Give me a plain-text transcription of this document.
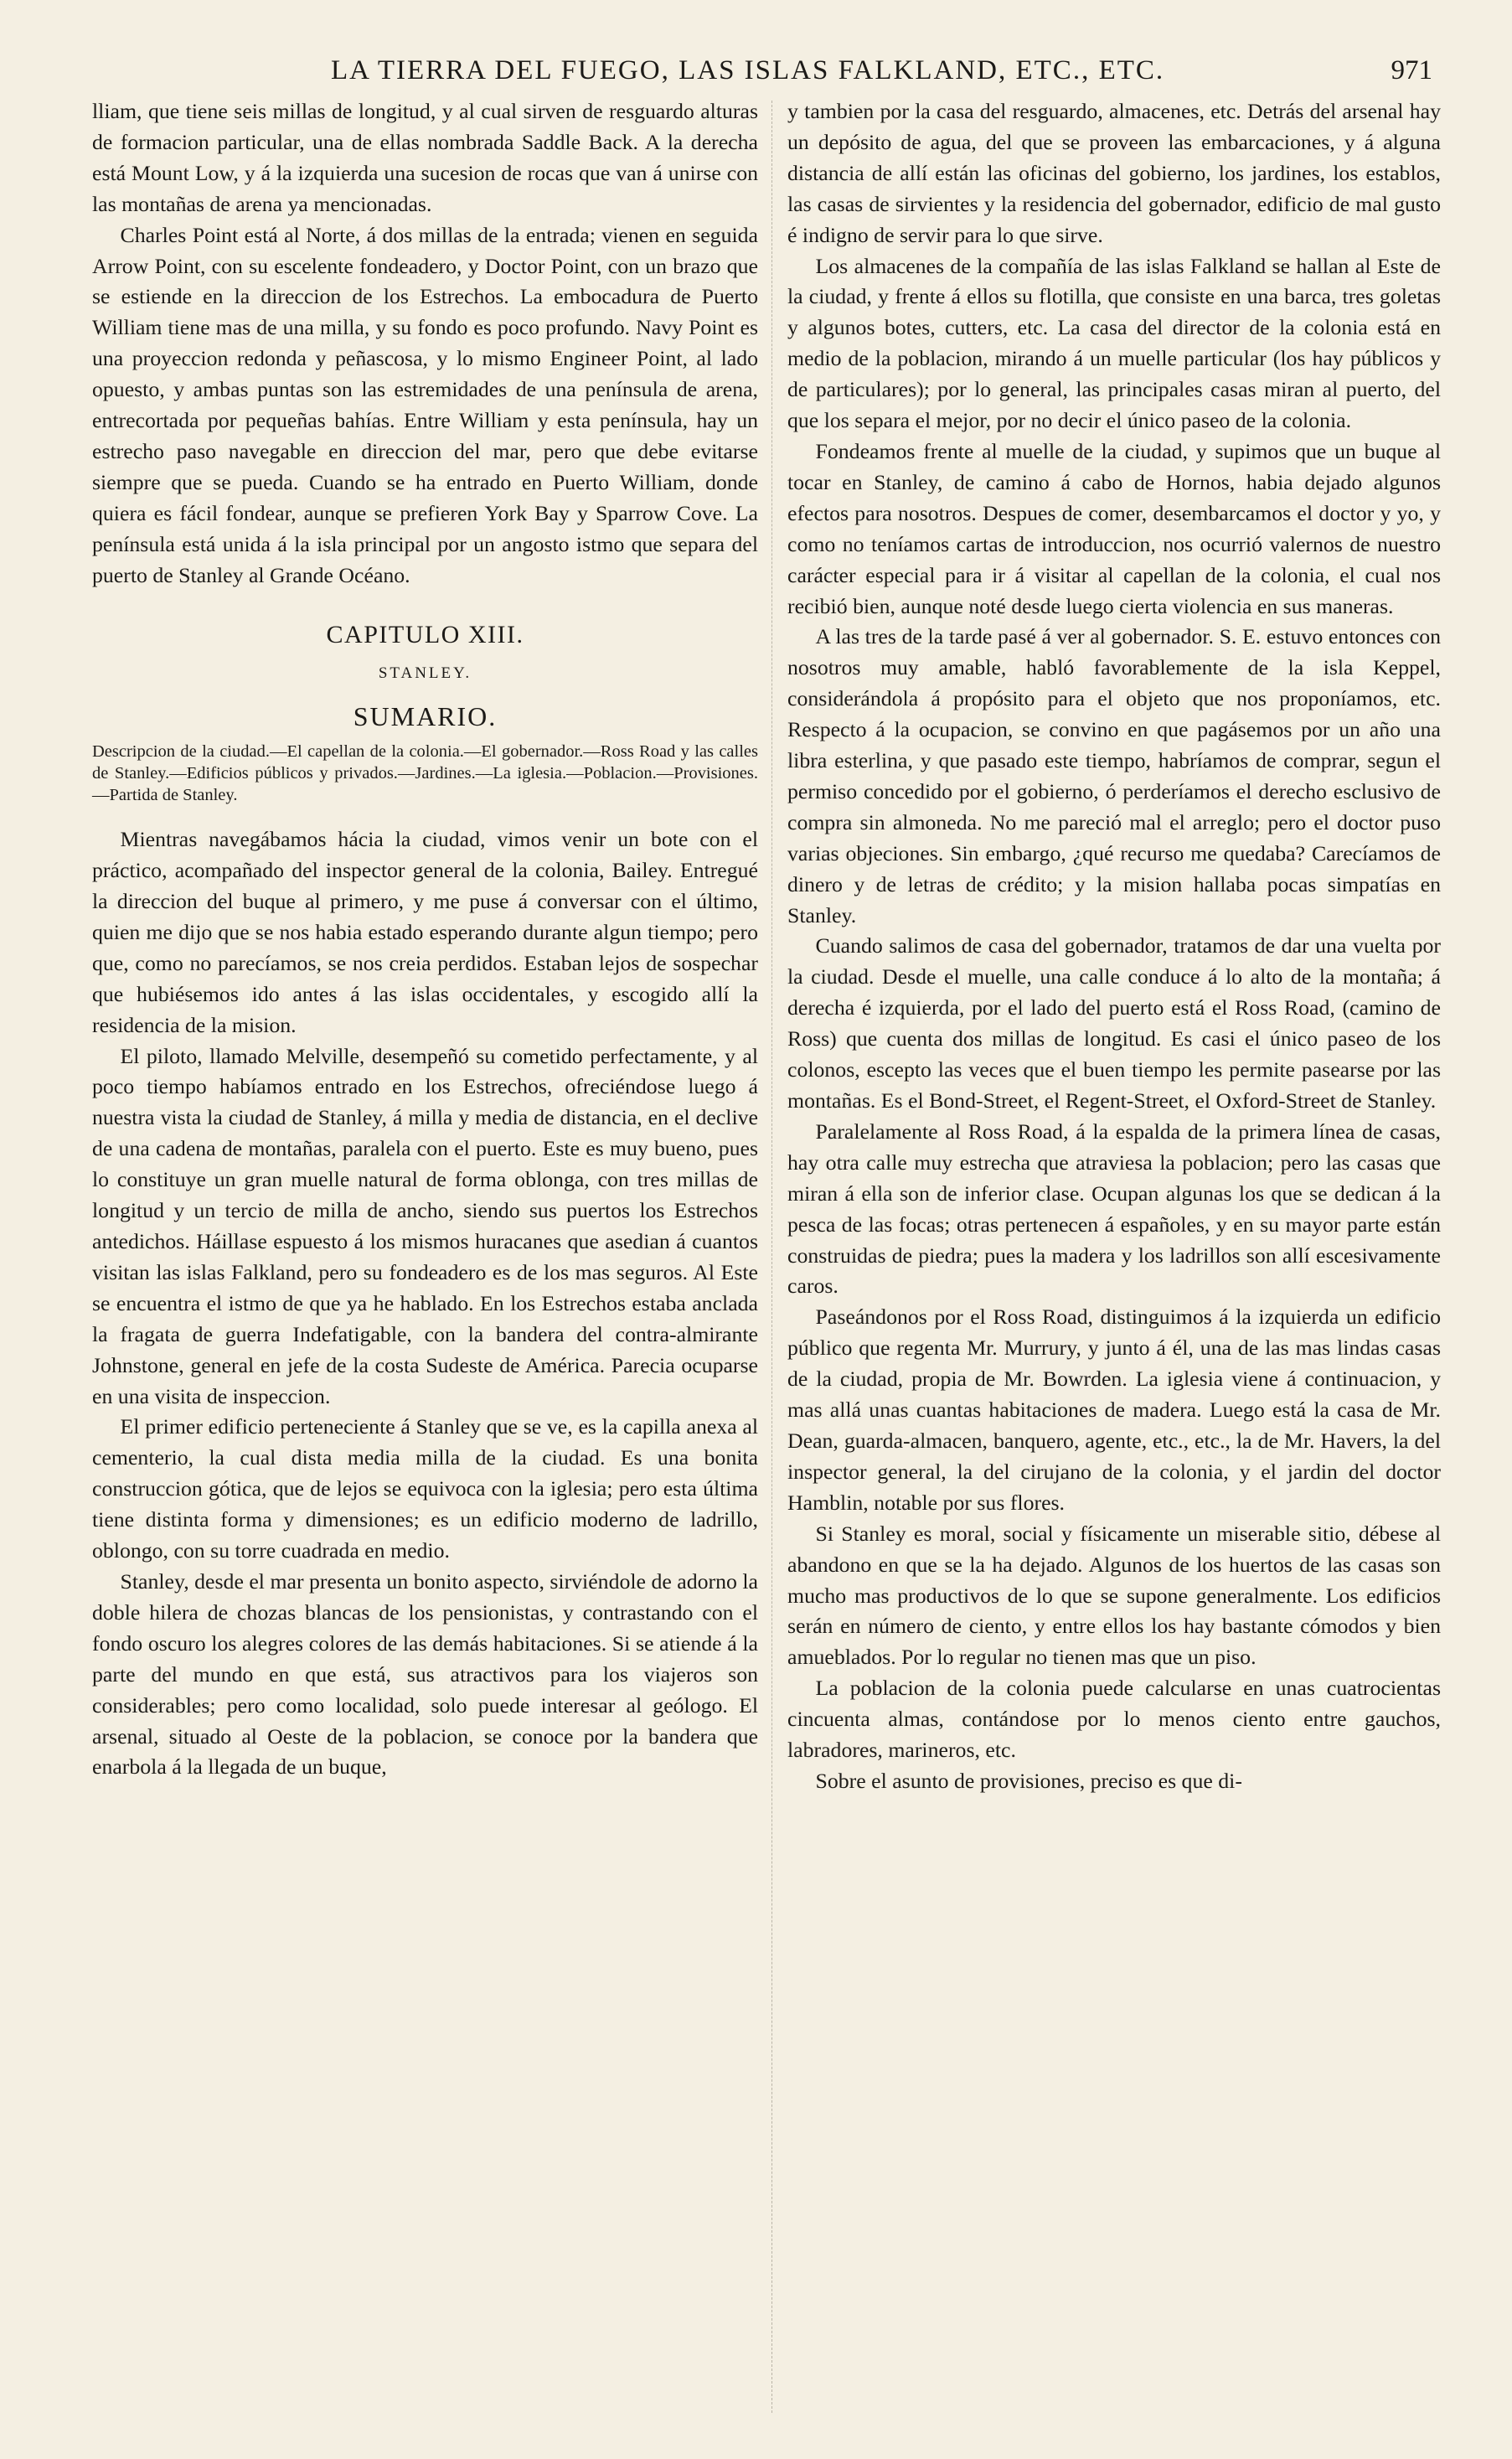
LA TIERRA DEL FUEGO, LAS ISLAS FALKLAND, ETC., ETC.	971

lliam, que tiene seis millas de longitud, y al cual sirven de resguardo alturas de formacion particular, una de ellas nombrada Saddle Back. A la derecha está Mount Low, y á la izquierda una sucesion de rocas que van á unirse con las montañas de arena ya mencionadas.

Charles Point está al Norte, á dos millas de la entrada; vienen en seguida Arrow Point, con su escelente fondeadero, y Doctor Point, con un brazo que se estiende en la direccion de los Estrechos. La embocadura de Puerto William tiene mas de una milla, y su fondo es poco profundo. Navy Point es una proyeccion redonda y peñascosa, y lo mismo Engineer Point, al lado opuesto, y ambas puntas son las estremidades de una península de arena, entrecortada por pequeñas bahías. Entre William y esta península, hay un estrecho paso navegable en direccion del mar, pero que debe evitarse siempre que se pueda. Cuando se ha entrado en Puerto William, donde quiera es fácil fondear, aunque se prefieren York Bay y Sparrow Cove. La península está unida á la isla principal por un angosto istmo que separa del puerto de Stanley al Grande Océano.

CAPITULO XIII.
STANLEY.
SUMARIO.
Descripcion de la ciudad.—El capellan de la colonia.—El gobernador.—Ross Road y las calles de Stanley.—Edificios públicos y privados.—Jardines.—La iglesia.—Poblacion.—Provisiones.—Partida de Stanley.

Mientras navegábamos hácia la ciudad, vimos venir un bote con el práctico, acompañado del inspector general de la colonia, Bailey. Entregué la direccion del buque al primero, y me puse á conversar con el último, quien me dijo que se nos habia estado esperando durante algun tiempo; pero que, como no parecíamos, se nos creia perdidos. Estaban lejos de sospechar que hubiésemos ido antes á las islas occidentales, y escogido allí la residencia de la mision.

El piloto, llamado Melville, desempeñó su cometido perfectamente, y al poco tiempo habíamos entrado en los Estrechos, ofreciéndose luego á nuestra vista la ciudad de Stanley, á milla y media de distancia, en el declive de una cadena de montañas, paralela con el puerto. Este es muy bueno, pues lo constituye un gran muelle natural de forma oblonga, con tres millas de longitud y un tercio de milla de ancho, siendo sus puertos los Estrechos antedichos. Háillase espuesto á los mismos huracanes que asedian á cuantos visitan las islas Falkland, pero su fondeadero es de los mas seguros. Al Este se encuentra el istmo de que ya he hablado. En los Estrechos estaba anclada la fragata de guerra Indefatigable, con la bandera del contra-almirante Johnstone, general en jefe de la costa Sudeste de América. Parecia ocuparse en una visita de inspeccion.

El primer edificio perteneciente á Stanley que se ve, es la capilla anexa al cementerio, la cual dista media milla de la ciudad. Es una bonita construccion gótica, que de lejos se equivoca con la iglesia; pero esta última tiene distinta forma y dimensiones; es un edificio moderno de ladrillo, oblongo, con su torre cuadrada en medio.

Stanley, desde el mar presenta un bonito aspecto, sirviéndole de adorno la doble hilera de chozas blancas de los pensionistas, y contrastando con el fondo oscuro los alegres colores de las demás habitaciones. Si se atiende á la parte del mundo en que está, sus atractivos para los viajeros son considerables; pero como localidad, solo puede interesar al geólogo. El arsenal, situado al Oeste de la poblacion, se conoce por la bandera que enarbola á la llegada de un buque,

y tambien por la casa del resguardo, almacenes, etc. Detrás del arsenal hay un depósito de agua, del que se proveen las embarcaciones, y á alguna distancia de allí están las oficinas del gobierno, los jardines, los establos, las casas de sirvientes y la residencia del gobernador, edificio de mal gusto é indigno de servir para lo que sirve.

Los almacenes de la compañía de las islas Falkland se hallan al Este de la ciudad, y frente á ellos su flotilla, que consiste en una barca, tres goletas y algunos botes, cutters, etc. La casa del director de la colonia está en medio de la poblacion, mirando á un muelle particular (los hay públicos y de particulares); por lo general, las principales casas miran al puerto, del que los separa el mejor, por no decir el único paseo de la colonia.

Fondeamos frente al muelle de la ciudad, y supimos que un buque al tocar en Stanley, de camino á cabo de Hornos, habia dejado algunos efectos para nosotros. Despues de comer, desembarcamos el doctor y yo, y como no teníamos cartas de introduccion, nos ocurrió valernos de nuestro carácter especial para ir á visitar al capellan de la colonia, el cual nos recibió bien, aunque noté desde luego cierta violencia en sus maneras.

A las tres de la tarde pasé á ver al gobernador. S. E. estuvo entonces con nosotros muy amable, habló favorablemente de la isla Keppel, considerándola á propósito para el objeto que nos proponíamos, etc. Respecto á la ocupacion, se convino en que pagásemos por un año una libra esterlina, y que pasado este tiempo, habríamos de comprar, segun el permiso concedido por el gobierno, ó perderíamos el derecho esclusivo de compra sin almoneda. No me pareció mal el arreglo; pero el doctor puso varias objeciones. Sin embargo, ¿qué recurso me quedaba? Carecíamos de dinero y de letras de crédito; y la mision hallaba pocas simpatías en Stanley.

Cuando salimos de casa del gobernador, tratamos de dar una vuelta por la ciudad. Desde el muelle, una calle conduce á lo alto de la montaña; á derecha é izquierda, por el lado del puerto está el Ross Road, (camino de Ross) que cuenta dos millas de longitud. Es casi el único paseo de los colonos, escepto las veces que el buen tiempo les permite pasearse por las montañas. Es el Bond-Street, el Regent-Street, el Oxford-Street de Stanley.

Paralelamente al Ross Road, á la espalda de la primera línea de casas, hay otra calle muy estrecha que atraviesa la poblacion; pero las casas que miran á ella son de inferior clase. Ocupan algunas los que se dedican á la pesca de las focas; otras pertenecen á españoles, y en su mayor parte están construidas de piedra; pues la madera y los ladrillos son allí escesivamente caros.

Paseándonos por el Ross Road, distinguimos á la izquierda un edificio público que regenta Mr. Murrury, y junto á él, una de las mas lindas casas de la ciudad, propia de Mr. Bowrden. La iglesia viene á continuacion, y mas allá unas cuantas habitaciones de madera. Luego está la casa de Mr. Dean, guarda-almacen, banquero, agente, etc., etc., la de Mr. Havers, la del inspector general, la del cirujano de la colonia, y el jardin del doctor Hamblin, notable por sus flores.

Si Stanley es moral, social y físicamente un miserable sitio, débese al abandono en que se la ha dejado. Algunos de los huertos de las casas son mucho mas productivos de lo que se supone generalmente. Los edificios serán en número de ciento, y entre ellos los hay bastante cómodos y bien amueblados. Por lo regular no tienen mas que un piso.

La poblacion de la colonia puede calcularse en unas cuatrocientas cincuenta almas, contándose por lo menos ciento entre gauchos, labradores, marineros, etc.

Sobre el asunto de provisiones, preciso es que di-
